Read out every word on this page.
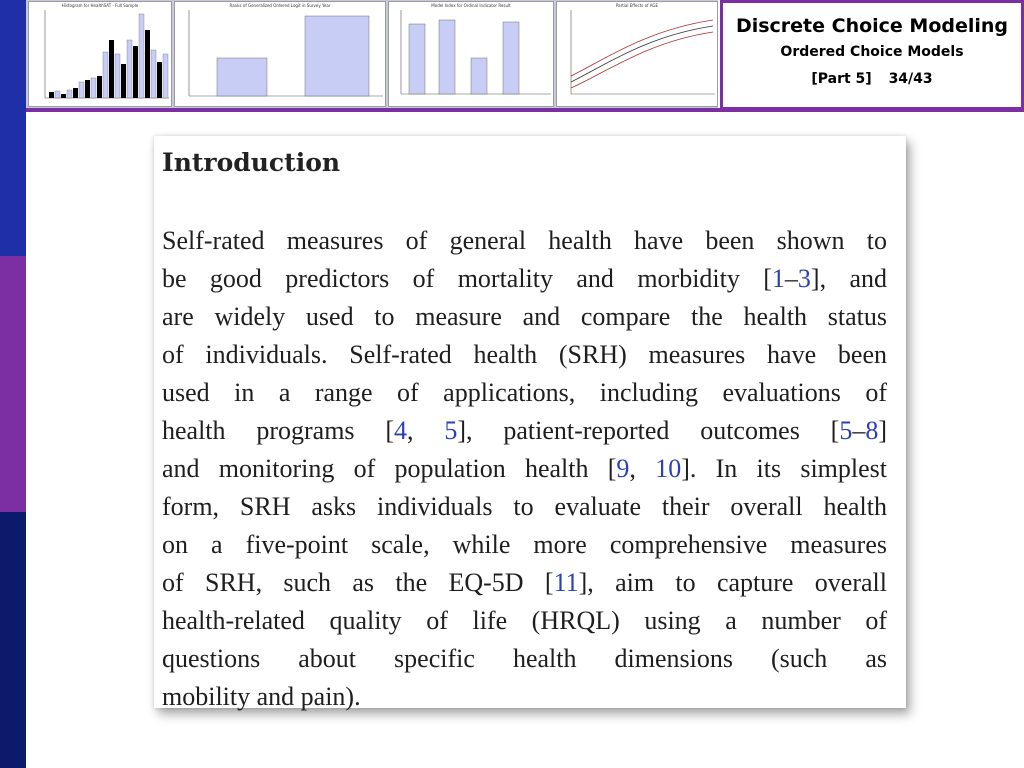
Histogram for HealthSAT - Full Sample	Ranks of Generalized Ordered Logit in Survey Year	Model Index for Ordinal Indicator Result	Partial Effects of AGE
Discrete Choice Modeling
Ordered Choice Models
[Part 5] 34/43
Introduction
Self-rated measures of general health have been shown to
be good predictors of mortality and morbidity [1–3], and
are widely used to measure and compare the health status
of individuals. Self-rated health (SRH) measures have been
used in a range of applications, including evaluations of
health programs [4, 5], patient-reported outcomes [5–8]
and monitoring of population health [9, 10]. In its simplest
form, SRH asks individuals to evaluate their overall health
on a five-point scale, while more comprehensive measures
of SRH, such as the EQ-5D [11], aim to capture overall
health-related quality of life (HRQL) using a number of
questions about specific health dimensions (such as
mobility and pain).
